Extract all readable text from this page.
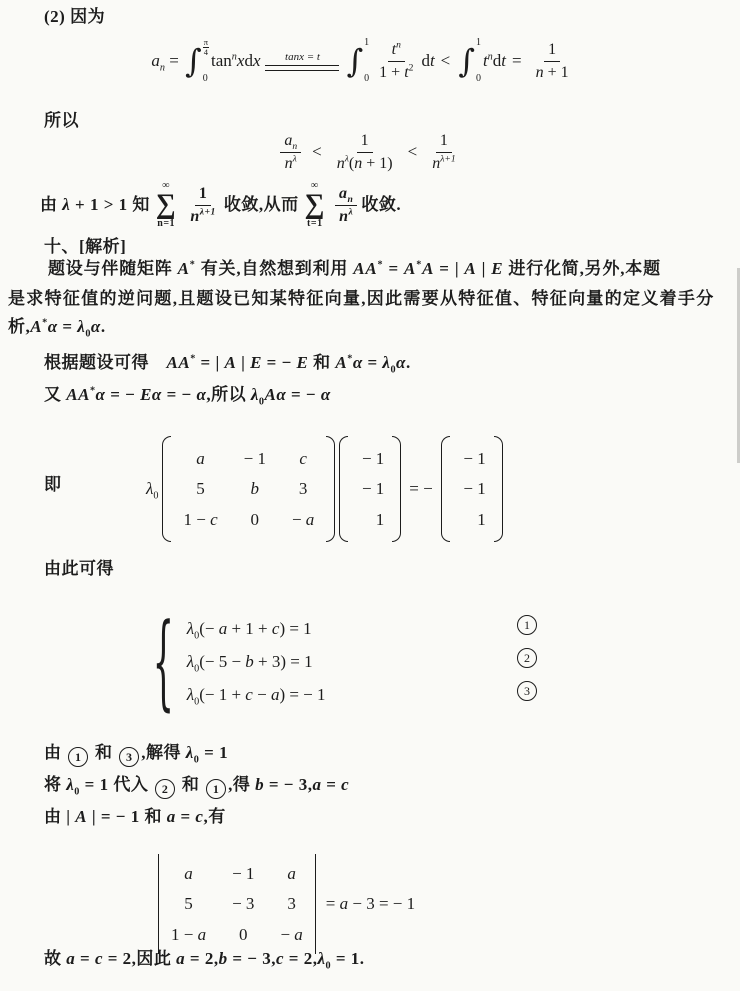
(2) 因为
$a_n$ = ∫ π
4
0
$\tan^nxdx$ tanx = t ∫ 1
$0 \frac{t^n}{1 + t^2}$ dt < ∫ 1
0
$t^ndt = \frac{1}{n + 1}$
所以
$\frac{a_n}{n^\lambda} < \frac{1}{n^\lambda(n + 1)} < \frac{1}{n^{\lambda+1}}$
由 λ + 1 > 1 知
∞
∑
$n=1 \frac{1}{n^{\lambda+1}}$ 收敛,从而
∞
∑
$t=1 \frac{a_n}{n^\lambda}$ 收敛.
十、[解析]
题设与伴随矩阵 A* 有关,自然想到利用 AA* = A*A = | A | E 进行化简,另外,本题
是求特征值的逆问题,且题设已知某特征向量,因此需要从特征值、特征向量的定义着手分
析$,A^*\alpha = \lambda_0\alpha$.
根据题设可得　AA* = | A | E = − E 和 $A^*\alpha = \lambda_0\alpha$.
又 AA*α = − Eα = − α,所以 $\lambda_0A\alpha$ = − α
即	$\lambda_0$
a − 1 c
5	b 3
1 − c 0 − a
− 1
− 1
1
= −
− 1
− 1
1
由此可得
{ $\lambda_0(- a + 1 + c) = 1$
$\lambda_0(- 5 - b + 3) = 1$
$\lambda_0(- 1 + c - a)$ = − 1
1
2
3
由 1 和 3 ,解得 $\lambda_0 = 1$
将 $\lambda_0 = 1$ 代入 2 和 1 ,得 b = − 3,a = c
由 | A | = − 1 和 a = c,有
a − 1 a
5 − 3 3
1 − a 0 − a
= a − 3 = − 1
故 a = c = 2,因此 a = 2,b = − $3,c = 2,\lambda_0 = 1$.
